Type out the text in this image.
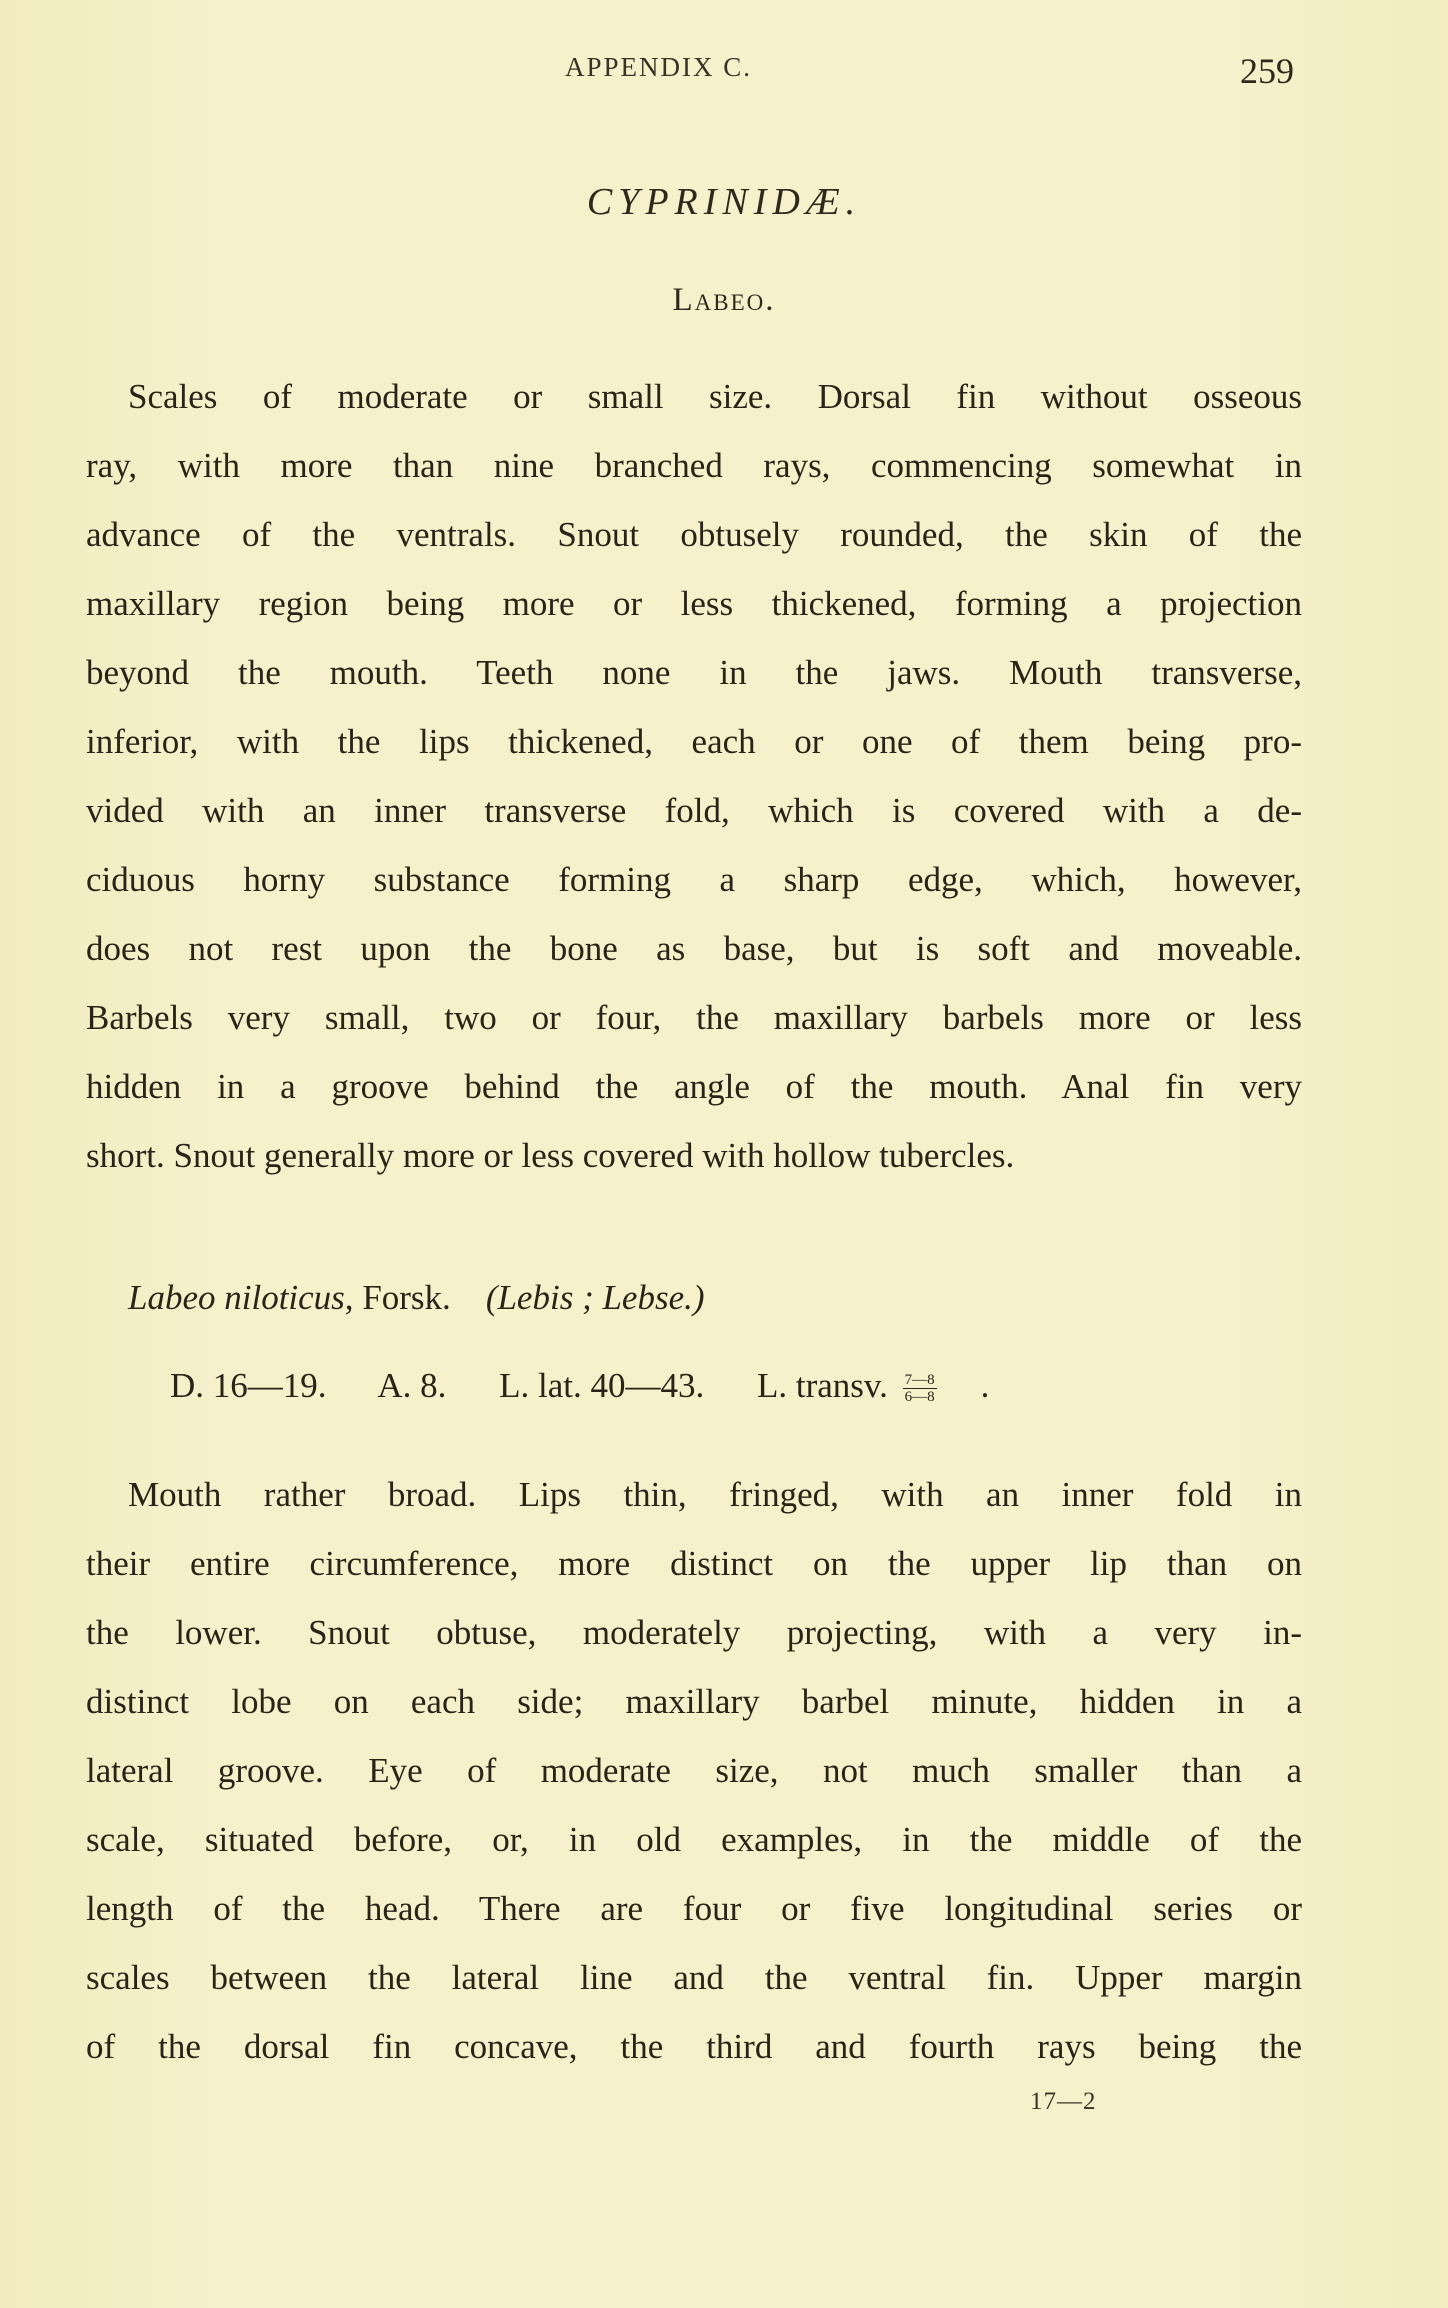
APPENDIX C.	259
CYPRINIDÆ.
Labeo.
Scales of moderate or small size. Dorsal fin without osseous
ray, with more than nine branched rays, commencing somewhat in
advance of the ventrals. Snout obtusely rounded, the skin of the
maxillary region being more or less thickened, forming a projection
beyond the mouth. Teeth none in the jaws. Mouth transverse,
inferior, with the lips thickened, each or one of them being pro-
vided with an inner transverse fold, which is covered with a de-
ciduous horny substance forming a sharp edge, which, however,
does not rest upon the bone as base, but is soft and moveable.
Barbels very small, two or four, the maxillary barbels more or less
hidden in a groove behind the angle of the mouth. Anal fin very
short. Snout generally more or less covered with hollow tubercles.
Labeo niloticus, Forsk. (Lebis ; Lebse.)
D. 16—19. A. 8. L. lat. 40—43. L. transv. $\frac{7—8}{6—8}$ .
Mouth rather broad. Lips thin, fringed, with an inner fold in
their entire circumference, more distinct on the upper lip than on
the lower. Snout obtuse, moderately projecting, with a very in-
distinct lobe on each side; maxillary barbel minute, hidden in a
lateral groove. Eye of moderate size, not much smaller than a
scale, situated before, or, in old examples, in the middle of the
length of the head. There are four or five longitudinal series or
scales between the lateral line and the ventral fin. Upper margin
of the dorsal fin concave, the third and fourth rays being the
17—2
